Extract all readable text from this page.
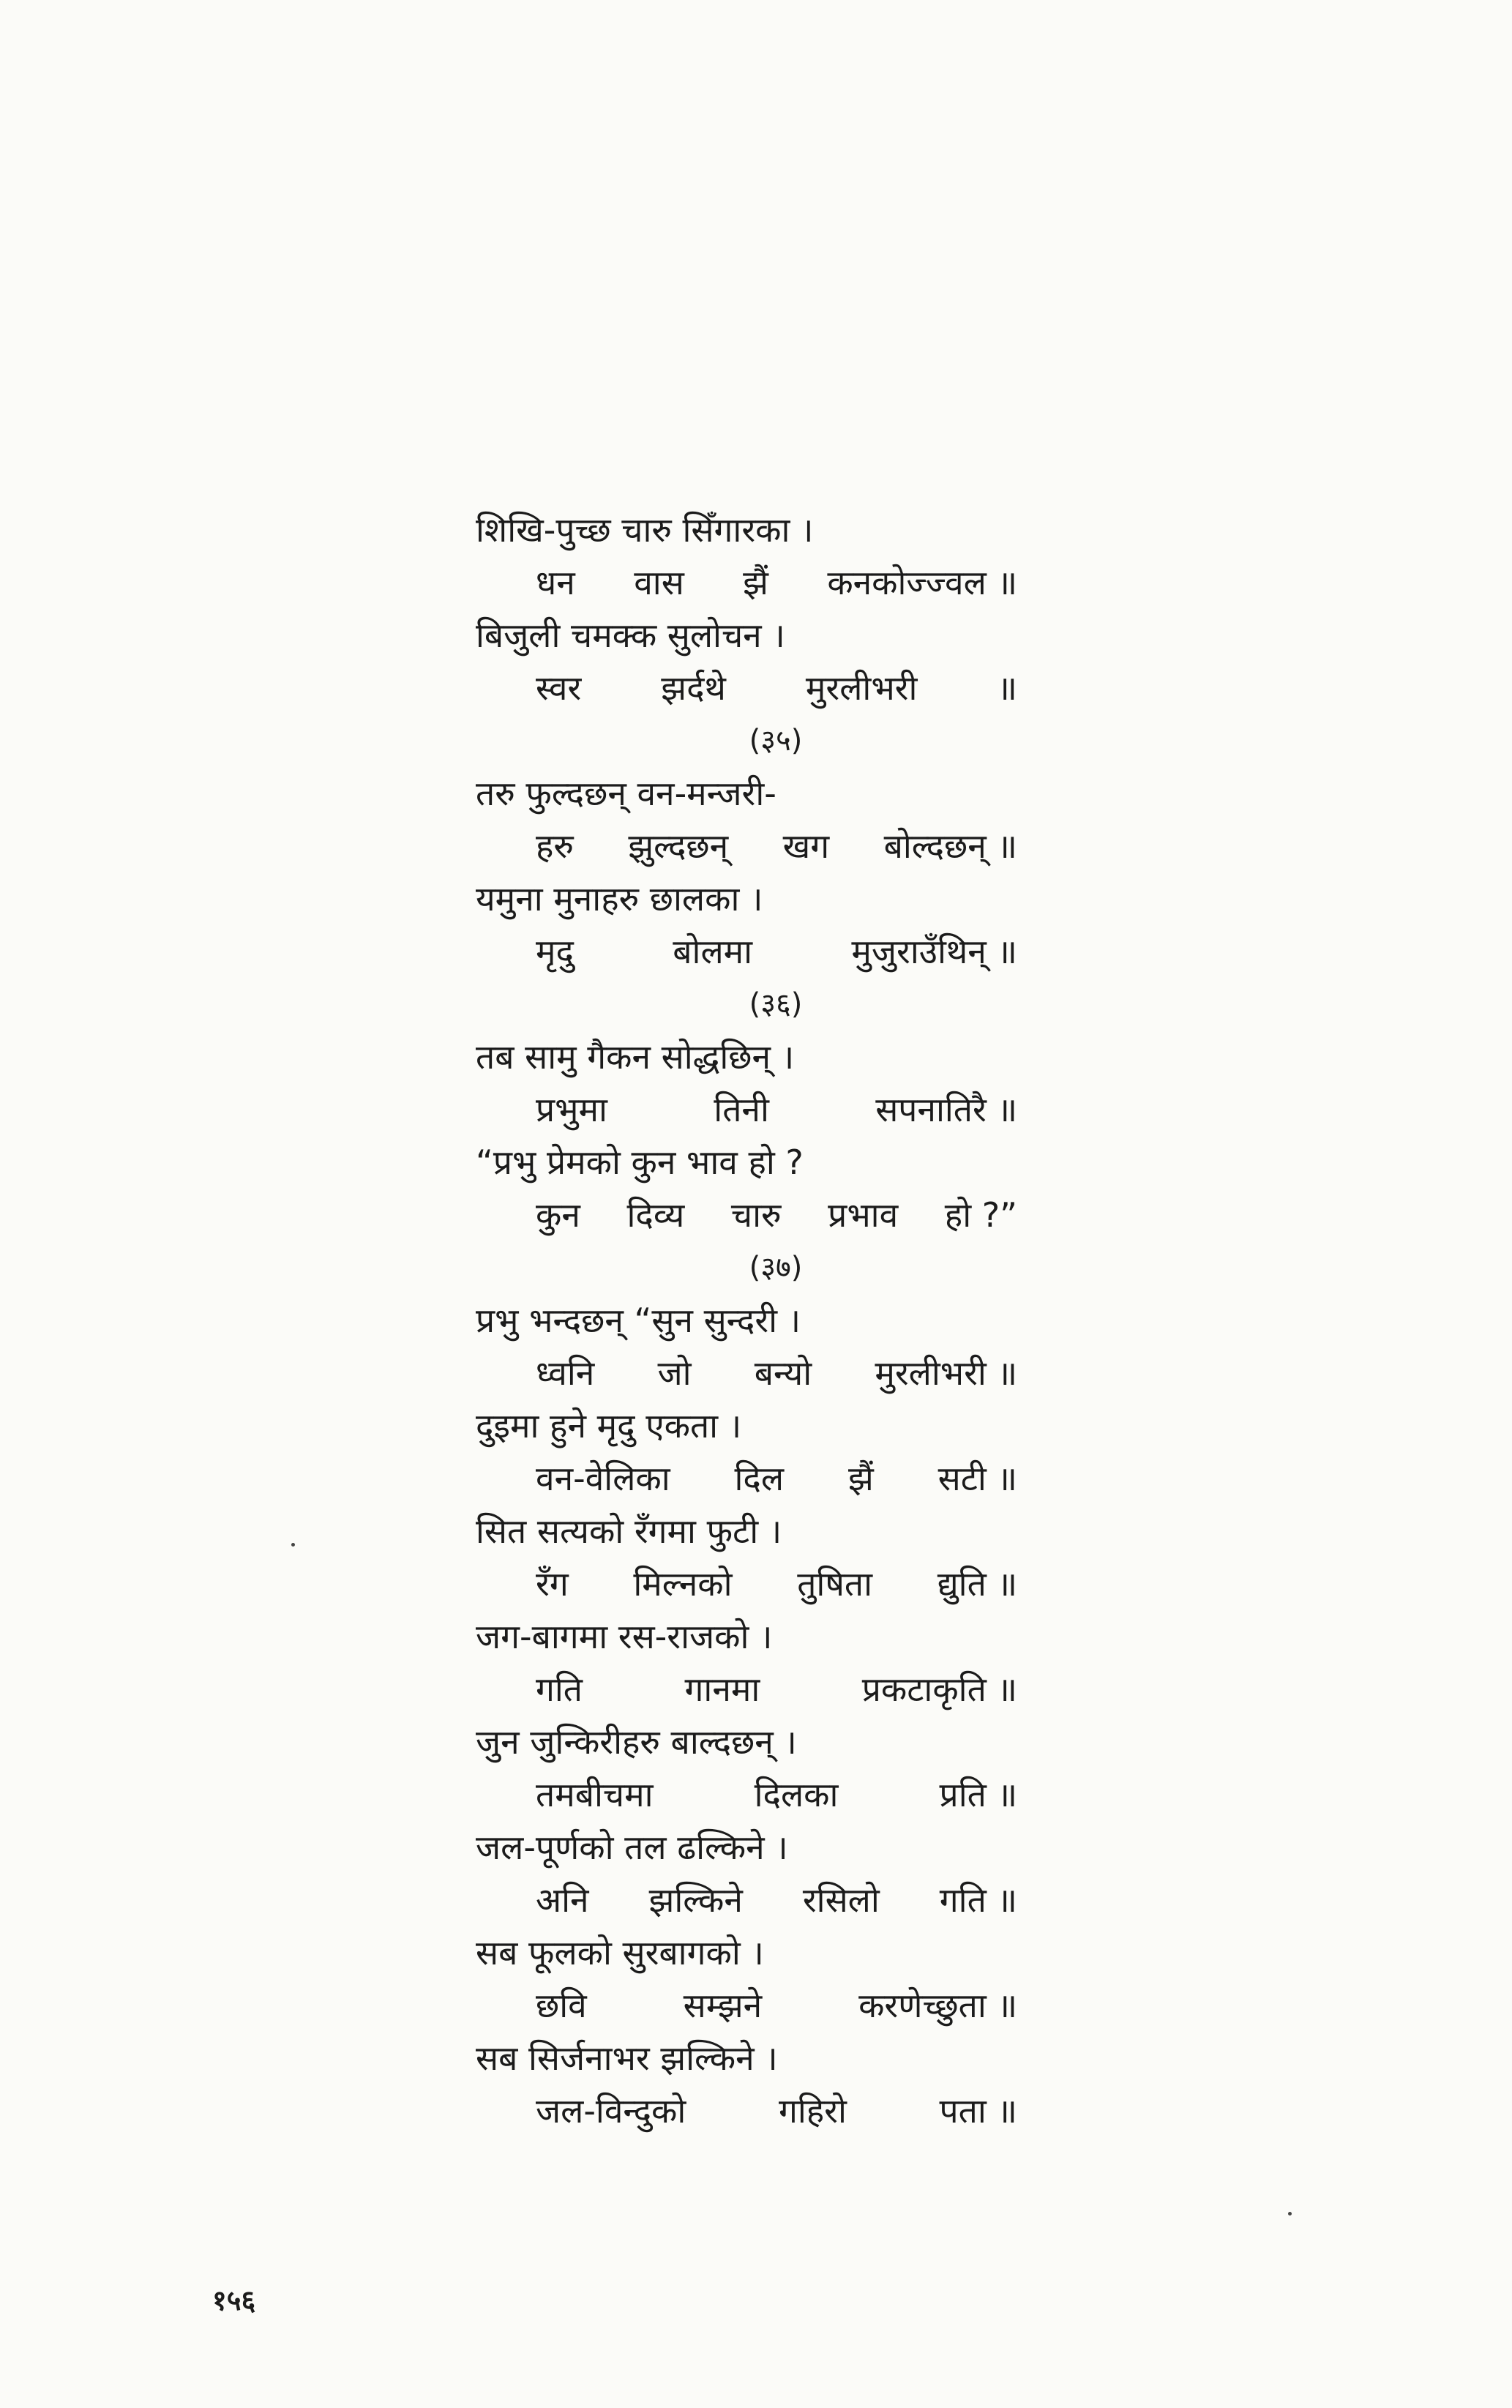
शिखि-पुच्छ चारु सिँगारका ।
धन वास झैं कनकोज्ज्वल ॥
बिजुली चमक्क सुलोचन ।
स्वर झर्दथे मुरलीभरी ॥
(३५)
तरु फुल्दछन् वन-मन्जरी-
हरु झुल्दछन् खग बोल्दछन् ॥
यमुना मुनाहरु छालका ।
मृदु	बोलमा	मुजुराउँथिन् ॥
(३६)
तब सामु गैकन सोद्धछिन् ।
प्रभुमा	तिनी	सपनातिरै ॥
“प्रभु प्रेमको कुन भाव हो ?
कुन दिव्य चारु प्रभाव हो ?”
(३७)
प्रभु भन्दछन् “सुन सुन्दरी ।
ध्वनि जो बन्यो मुरलीभरी ॥
दुइमा हुने मृदु एकता ।
वन-वेलिका दिल झैं सटी ॥
सित सत्यको रँगमा फुटी ।
रँग मिल्नको तुषिता द्युति ॥
जग-बागमा रस-राजको ।
गति	गानमा	प्रकटाकृति ॥
जुन जुन्किरीहरु बाल्दछन् ।
तमबीचमा	दिलका	प्रति ॥
जल-पूर्णको तल ढल्किने ।
अनि झल्किने रसिलो गति ॥
सब फूलको सुरबागको ।
छवि	सम्झने	करणेच्छुता ॥
सब सिर्जनाभर झल्किने ।
जल-विन्दुको	गहिरो	पता ॥
१५६
